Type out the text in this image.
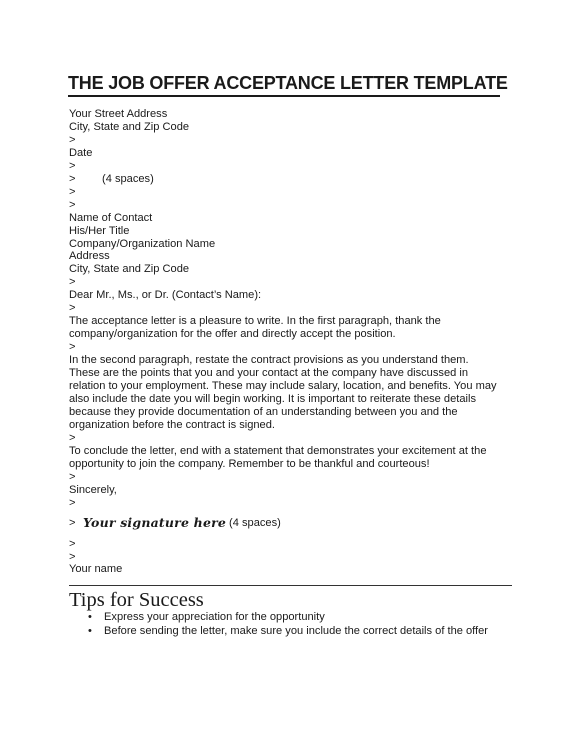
THE JOB OFFER ACCEPTANCE LETTER TEMPLATE
Your Street Address
City, State and Zip Code
>
Date
>
>	(4 spaces)
>
>
Name of Contact
His/Her Title
Company/Organization Name
Address
City, State and Zip Code
>
Dear Mr., Ms., or Dr. (Contact’s Name):
>
The acceptance letter is a pleasure to write. In the first paragraph, thank the
company/organization for the offer and directly accept the position.
>
In the second paragraph, restate the contract provisions as you understand them.
These are the points that you and your contact at the company have discussed in
relation to your employment. These may include salary, location, and benefits. You may
also include the date you will begin working. It is important to reiterate these details
because they provide documentation of an understanding between you and the
organization before the contract is signed.
>
To conclude the letter, end with a statement that demonstrates your excitement at the
opportunity to join the company. Remember to be thankful and courteous!
>
Sincerely,
>
> Your signature here (4 spaces)
>
>
Your name
Tips for Success
•	Express your appreciation for the opportunity
•	Before sending the letter, make sure you include the correct details of the offer
